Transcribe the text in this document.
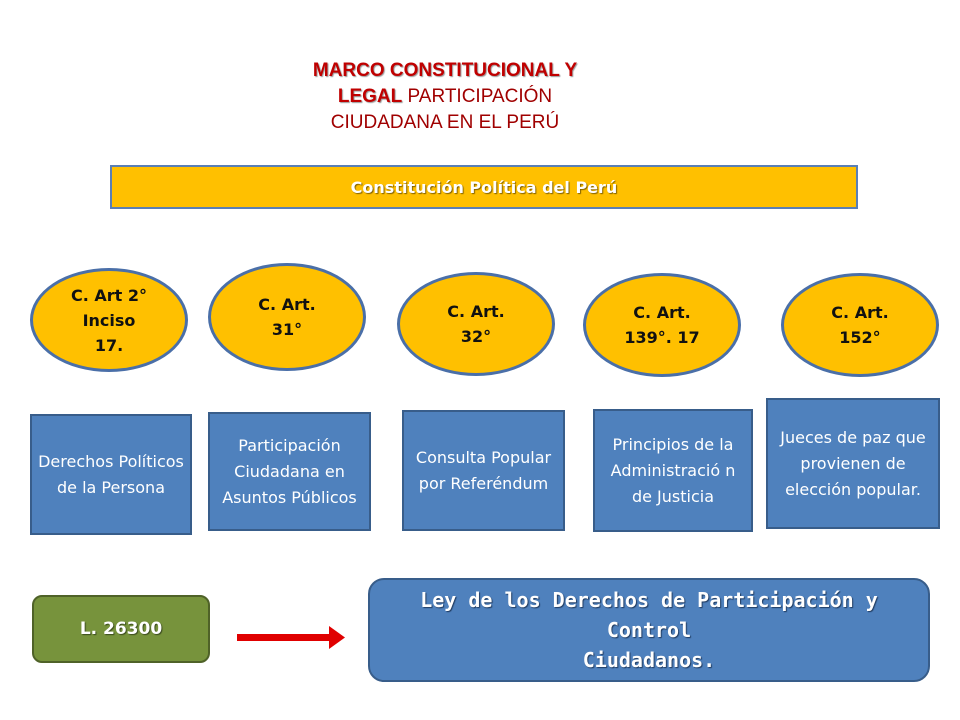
MARCO CONSTITUCIONAL Y
LEGAL PARTICIPACIÓN
CIUDADANA EN EL PERÚ
Constitución Política del Perú
C. Art 2°
Inciso
17.
C. Art.
31°
C. Art.
32°
C. Art.
139°. 17
C. Art.
152°
Derechos Políticos de la Persona
Participación Ciudadana en Asuntos Públicos
Consulta Popular por Referéndum
Principios de la Administració n de Justicia
Jueces de paz que provienen de elección popular.
L. 26300
Ley de los Derechos de Participación y Control
Ciudadanos.
